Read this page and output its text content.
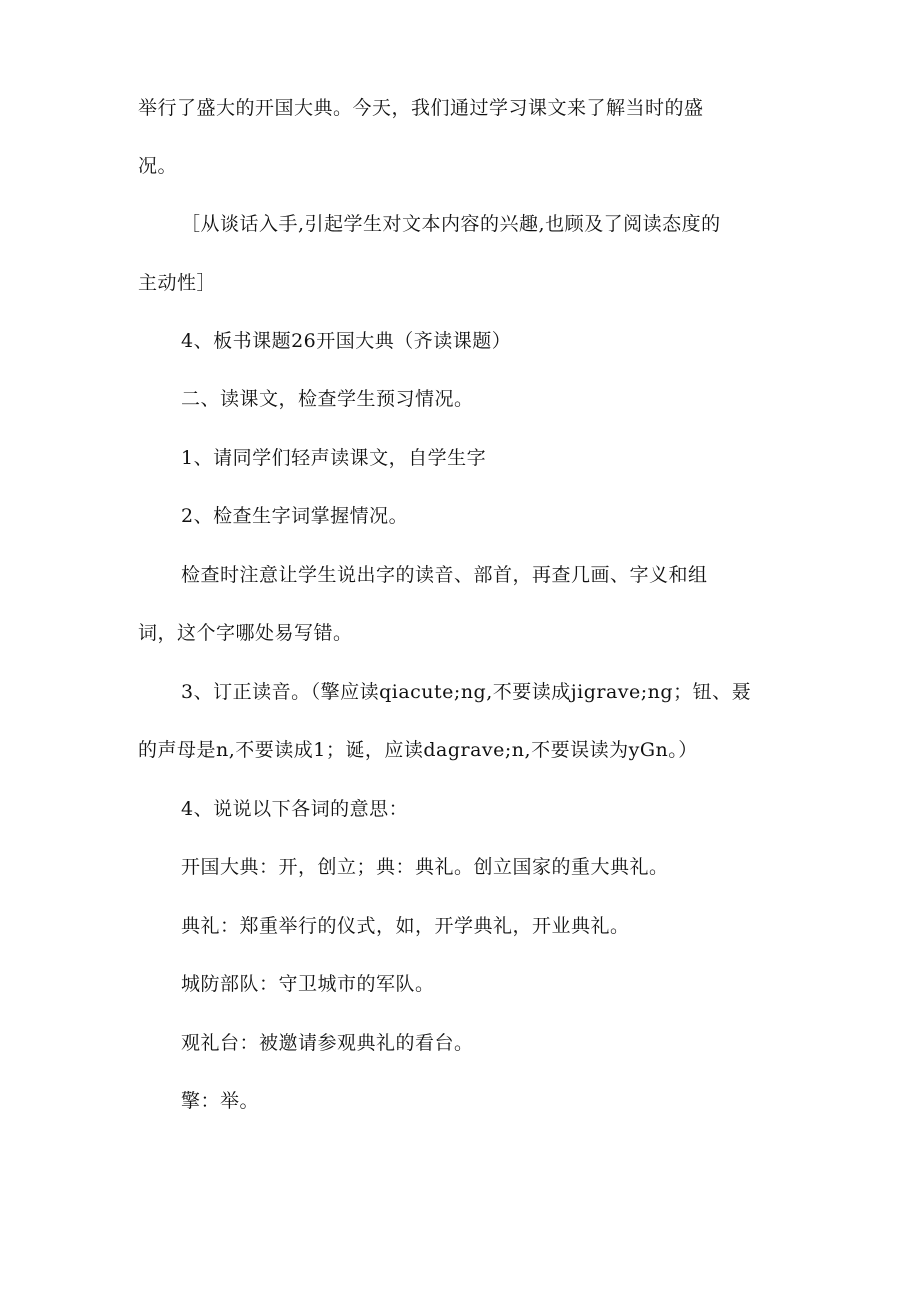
举行了盛大的开国大典。今天，我们通过学习课文来了解当时的盛
况。
［从谈话入手,引起学生对文本内容的兴趣,也顾及了阅读态度的
主动性］
4、板书课题26开国大典（齐读课题）
二、读课文，检查学生预习情况。
1、请同学们轻声读课文，自学生字
2、检查生字词掌握情况。
检查时注意让学生说出字的读音、部首，再查几画、字义和组
词，这个字哪处易写错。
3、订正读音。（擎应读qiacute;ng,不要读成jigrave;ng；钮、聂
的声母是n,不要读成1；诞，应读dagrave;n,不要误读为yGn。）
4、说说以下各词的意思：
开国大典：开，创立；典：典礼。创立国家的重大典礼。
典礼：郑重举行的仪式，如，开学典礼，开业典礼。
城防部队：守卫城市的军队。
观礼台：被邀请参观典礼的看台。
擎：举。
